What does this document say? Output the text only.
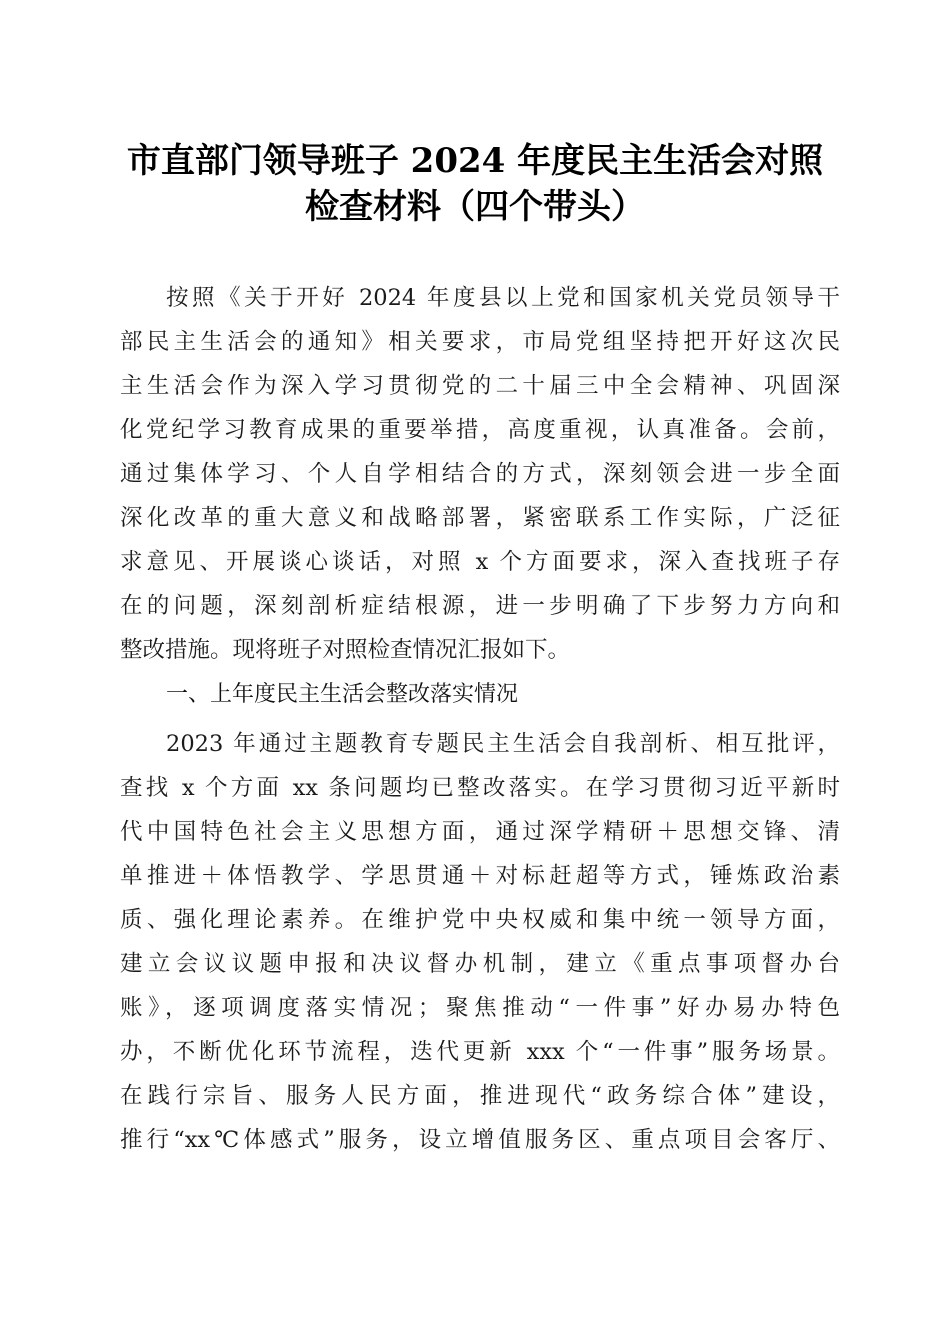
市直部门领导班子 2024 年度民主生活会对照
检查材料（四个带头）
按照《关于开好 2024 年度县以上党和国家机关党员领导干
部民主生活会的通知》相关要求，市局党组坚持把开好这次民
主生活会作为深入学习贯彻党的二十届三中全会精神、巩固深
化党纪学习教育成果的重要举措，高度重视，认真准备。会前，
通过集体学习、个人自学相结合的方式，深刻领会进一步全面
深化改革的重大意义和战略部署，紧密联系工作实际，广泛征
求意见、开展谈心谈话，对照 x 个方面要求，深入查找班子存
在的问题，深刻剖析症结根源，进一步明确了下步努力方向和
整改措施。现将班子对照检查情况汇报如下。
一、上年度民主生活会整改落实情况
2023 年通过主题教育专题民主生活会自我剖析、相互批评，
查找 x 个方面 xx 条问题均已整改落实。在学习贯彻习近平新时
代中国特色社会主义思想方面，通过深学精研＋思想交锋、清
单推进＋体悟教学、学思贯通＋对标赶超等方式，锤炼政治素
质、强化理论素养。在维护党中央权威和集中统一领导方面，
建立会议议题申报和决议督办机制，建立《重点事项督办台
账》，逐项调度落实情况；聚焦推动“一件事”好办易办特色
办，不断优化环节流程，迭代更新 xxx 个“一件事”服务场景。
在践行宗旨、服务人民方面，推进现代“政务综合体”建设，
推行“xx℃体感式”服务，设立增值服务区、重点项目会客厅、
